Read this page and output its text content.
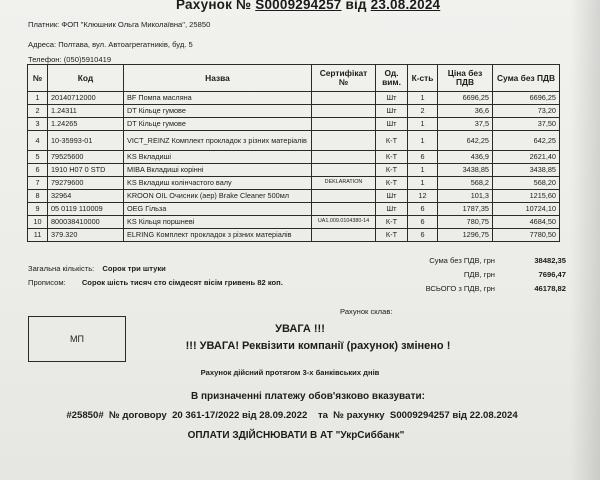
Рахунок № S0009294257 від 23.08.2024
Платник: ФОП "Клюшник Ольга Миколаївна", 25850
Адреса: Полтава, вул. Автоагрегатників, буд. 5
Телефон: (050)5910419
№	Код	Назва	Сертифікат №	Од. вим.	К-сть	Ціна без ПДВ	Сума без ПДВ
1	20140712000	BF Помпа масляна		Шт	1	6696,25	6696,25
2	1.24311	DT Кільце гумове		Шт	2	36,6	73,20
3	1.24265	DT Кільце гумове		Шт	1	37,5	37,50
4	10-35993-01	VICT_REINZ Комплект прокладок з різних матеріалів		К-Т	1	642,25	642,25
5	79525600	KS Вкладиші		К-Т	6	436,9	2621,40
6	1910 H07 0 STD	MIBA Вкладиші корінні		К-Т	1	3438,85	3438,85
7	79279600	KS Вкладиш колінчастого валу	DEKLARATION	К-Т	1	568,2	568,20
8	32964	KROON OIL Очисник (аер) Brake Cleaner 500мл		Шт	12	101,3	1215,60
9	05 0119 110009	OEG Гільза		Шт	6	1787,35	10724,10
10	800038410000	KS Кільця поршневі	UA1.009.0104380-14	К-Т	6	780,75	4684,50
11	379.320	ELRING Комплект прокладок з різних матеріалів		К-Т	6	1296,75	7780,50
Загальна кількість: Сорок три штуки
Сума без ПДВ, грн	38482,35
ПДВ, грн	7696,47
ВСЬОГО з ПДВ, грн	46178,82
Прописом: Сорок шість тисяч сто сімдесят вісім гривень 82 коп.
Рахунок склав:
МП
УВАГА !!!
!!! УВАГА! Реквізити компанії (рахунок) змінено !
Рахунок дійсний протягом 3-х банківських днів
В призначенні платежу обов'язково вказувати:
#25850#  № договору  20 361-17/2022 від 28.09.2022    та  № рахунку  S0009294257 від 22.08.2024
ОПЛАТИ ЗДІЙСНЮВАТИ В АТ "УкрСиббанк"
